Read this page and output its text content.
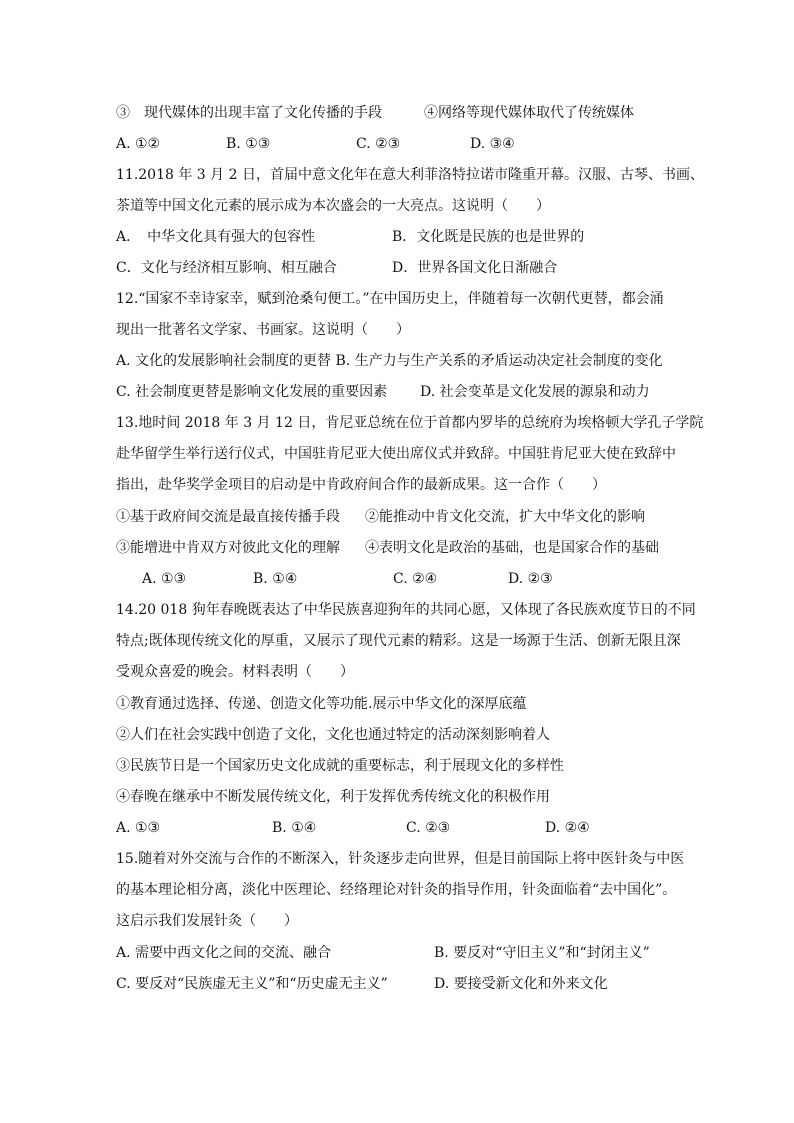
③　现代媒体的出现丰富了文化传播的手段	④网络等现代媒体取代了传统媒体
A. ①②	B. ①③	C. ②③	D. ③④
11.2018 年 3 月 2 日，首届中意文化年在意大利菲洛特拉诺市隆重开幕。汉服、古琴、书画、
茶道等中国文化元素的展示成为本次盛会的一大亮点。这说明（　　）
A．　中华文化具有强大的包容性	B．文化既是民族的也是世界的
C．文化与经济相互影响、相互融合	D．世界各国文化日渐融合
12.“国家不幸诗家幸，赋到沧桑句便工。”在中国历史上，伴随着每一次朝代更替，都会涌
现出一批著名文学家、书画家。这说明（　　）
A. 文化的发展影响社会制度的更替 B. 生产力与生产关系的矛盾运动决定社会制度的变化
C. 社会制度更替是影响文化发展的重要因素 D. 社会变革是文化发展的源泉和动力
13.地时间 2018 年 3 月 12 日，肯尼亚总统在位于首都内罗毕的总统府为埃格顿大学孔子学院
赴华留学生举行送行仪式，中国驻肯尼亚大使出席仪式并致辞。中国驻肯尼亚大使在致辞中
指出，赴华奖学金项目的启动是中肯政府间合作的最新成果。这一合作（　　）
①基于政府间交流是最直接传播手段 ②能推动中肯文化交流，扩大中华文化的影响
③能增进中肯双方对彼此文化的理解 ④表明文化是政治的基础，也是国家合作的基础
A. ①③	B. ①④	C. ②④	D. ②③
14.20 018 狗年春晚既表达了中华民族喜迎狗年的共同心愿，又体现了各民族欢度节日的不同
特点;既体现传统文化的厚重，又展示了现代元素的精彩。这是一场源于生活、创新无限且深
受观众喜爱的晚会。材料表明（　　）
①教育通过选择、传递、创造文化等功能.展示中华文化的深厚底蕴
②人们在社会实践中创造了文化，文化也通过特定的活动深刻影响着人
③民族节日是一个国家历史文化成就的重要标志，利于展现文化的多样性
④春晚在继承中不断发展传统文化，利于发挥优秀传统文化的积极作用
A. ①③	B. ①④	C. ②③	D. ②④
15.随着对外交流与合作的不断深入，针灸逐步走向世界，但是目前国际上将中医针灸与中医
的基本理论相分离，淡化中医理论、经络理论对针灸的指导作用，针灸面临着“去中国化”。
这启示我们发展针灸（　　）
A. 需要中西文化之间的交流、融合	B. 要反对“守旧主义”和“封闭主义”
C. 要反对“民族虚无主义”和“历史虚无主义”	D. 要接受新文化和外来文化
